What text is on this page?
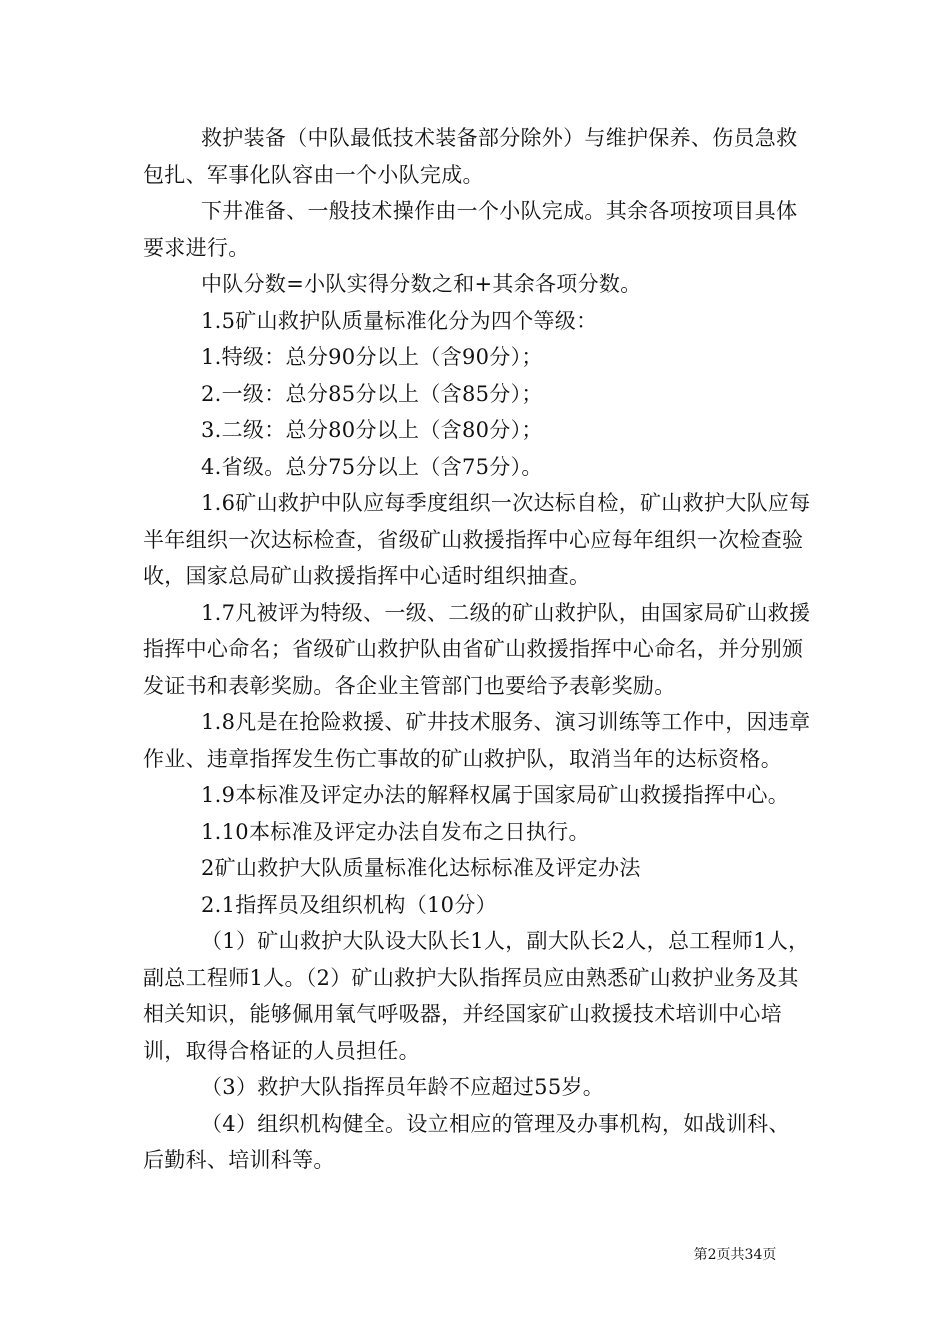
救护装备（中队最低技术装备部分除外）与维护保养、伤员急救包扎、军事化队容由一个小队完成。

下井准备、一般技术操作由一个小队完成。其余各项按项目具体要求进行。

中队分数=小队实得分数之和+其余各项分数。

1.5矿山救护队质量标准化分为四个等级：

1.特级：总分90分以上（含90分）；

2.一级：总分85分以上（含85分）；

3.二级：总分80分以上（含80分）；

4.省级。总分75分以上（含75分）。

1.6矿山救护中队应每季度组织一次达标自检，矿山救护大队应每半年组织一次达标检查，省级矿山救援指挥中心应每年组织一次检查验收，国家总局矿山救援指挥中心适时组织抽查。

1.7凡被评为特级、一级、二级的矿山救护队，由国家局矿山救援指挥中心命名；省级矿山救护队由省矿山救援指挥中心命名，并分别颁发证书和表彰奖励。各企业主管部门也要给予表彰奖励。

1.8凡是在抢险救援、矿井技术服务、演习训练等工作中，因违章作业、违章指挥发生伤亡事故的矿山救护队，取消当年的达标资格。

1.9本标准及评定办法的解释权属于国家局矿山救援指挥中心。

1.10本标准及评定办法自发布之日执行。

2矿山救护大队质量标准化达标标准及评定办法

2.1指挥员及组织机构（10分）

（1）矿山救护大队设大队长1人，副大队长2人，总工程师1人，副总工程师1人。（2）矿山救护大队指挥员应由熟悉矿山救护业务及其相关知识，能够佩用氧气呼吸器，并经国家矿山救援技术培训中心培训，取得合格证的人员担任。

（3）救护大队指挥员年龄不应超过55岁。

（4）组织机构健全。设立相应的管理及办事机构，如战训科、后勤科、培训科等。

第2页共34页
